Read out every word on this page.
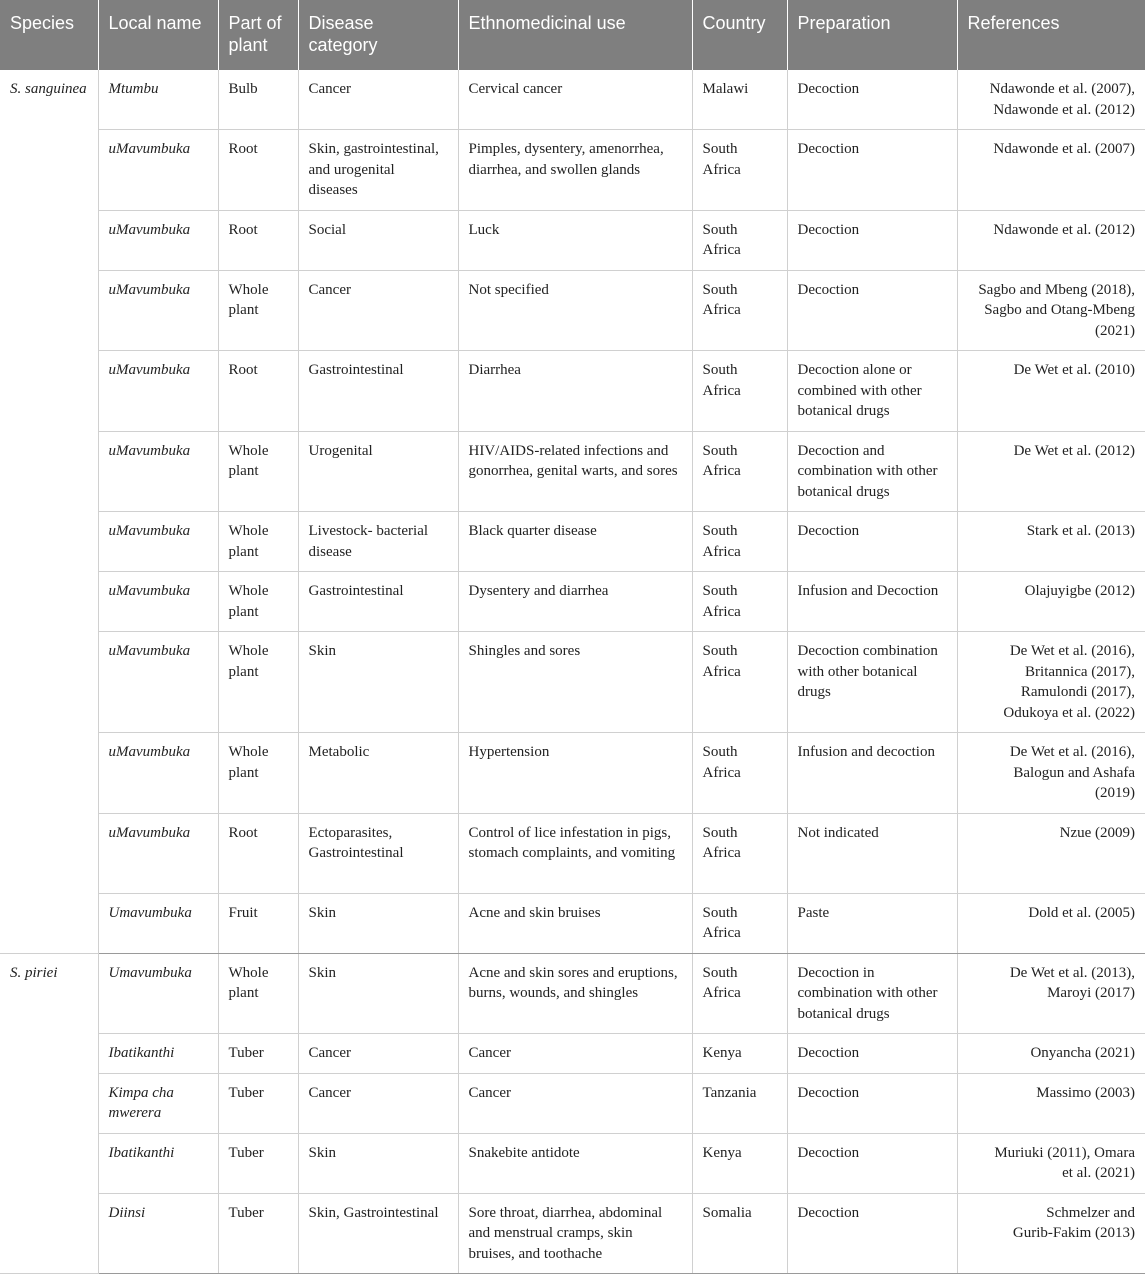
Species	Local name	Part of plant	Disease category	Ethnomedicinal use	Country	Preparation	References
S. sanguinea	Mtumbu	Bulb	Cancer	Cervical cancer	Malawi	Decoction	Ndawonde et al. (2007),
Ndawonde et al. (2012)

	uMavumbuka	Root	Skin, gastrointestinal, and urogenital diseases	Pimples, dysentery, amenorrhea, diarrhea, and swollen glands	South Africa	Decoction	Ndawonde et al. (2007)

	uMavumbuka	Root	Social	Luck	South Africa	Decoction	Ndawonde et al. (2012)

	uMavumbuka	Whole plant	Cancer	Not specified	South Africa	Decoction	Sagbo and Mbeng (2018),
Sagbo and Otang-Mbeng
(2021)

	uMavumbuka	Root	Gastrointestinal	Diarrhea	South Africa	Decoction alone or combined with other botanical drugs	De Wet et al. (2010)

	uMavumbuka	Whole plant	Urogenital	HIV/AIDS-related infections and gonorrhea, genital warts, and sores	South Africa	Decoction and combination with other botanical drugs	De Wet et al. (2012)

	uMavumbuka	Whole plant	Livestock- bacterial disease	Black quarter disease	South Africa	Decoction	Stark et al. (2013)

	uMavumbuka	Whole plant	Gastrointestinal	Dysentery and diarrhea	South Africa	Infusion and Decoction	Olajuyigbe (2012)

	uMavumbuka	Whole plant	Skin	Shingles and sores	South Africa	Decoction combination with other botanical drugs	De Wet et al. (2016),
Britannica (2017),
Ramulondi (2017),
Odukoya et al. (2022)

	uMavumbuka	Whole plant	Metabolic	Hypertension	South Africa	Infusion and decoction	De Wet et al. (2016),
Balogun and Ashafa
(2019)

	uMavumbuka	Root	Ectoparasites, Gastrointestinal	Control of lice infestation in pigs, stomach complaints, and vomiting	South Africa	Not indicated	Nzue (2009)

	Umavumbuka	Fruit	Skin	Acne and skin bruises	South Africa	Paste	Dold et al. (2005)

S. piriei	Umavumbuka	Whole plant	Skin	Acne and skin sores and eruptions, burns, wounds, and shingles	South Africa	Decoction in combination with other botanical drugs	De Wet et al. (2013),
Maroyi (2017)

	Ibatikanthi	Tuber	Cancer	Cancer	Kenya	Decoction	Onyancha (2021)

	Kimpa cha mwerera	Tuber	Cancer	Cancer	Tanzania	Decoction	Massimo (2003)

	Ibatikanthi	Tuber	Skin	Snakebite antidote	Kenya	Decoction	Muriuki (2011), Omara
et al. (2021)

	Diinsi	Tuber	Skin, Gastrointestinal	Sore throat, diarrhea, abdominal and menstrual cramps, skin bruises, and toothache	Somalia	Decoction	Schmelzer and
Gurib-Fakim (2013)
